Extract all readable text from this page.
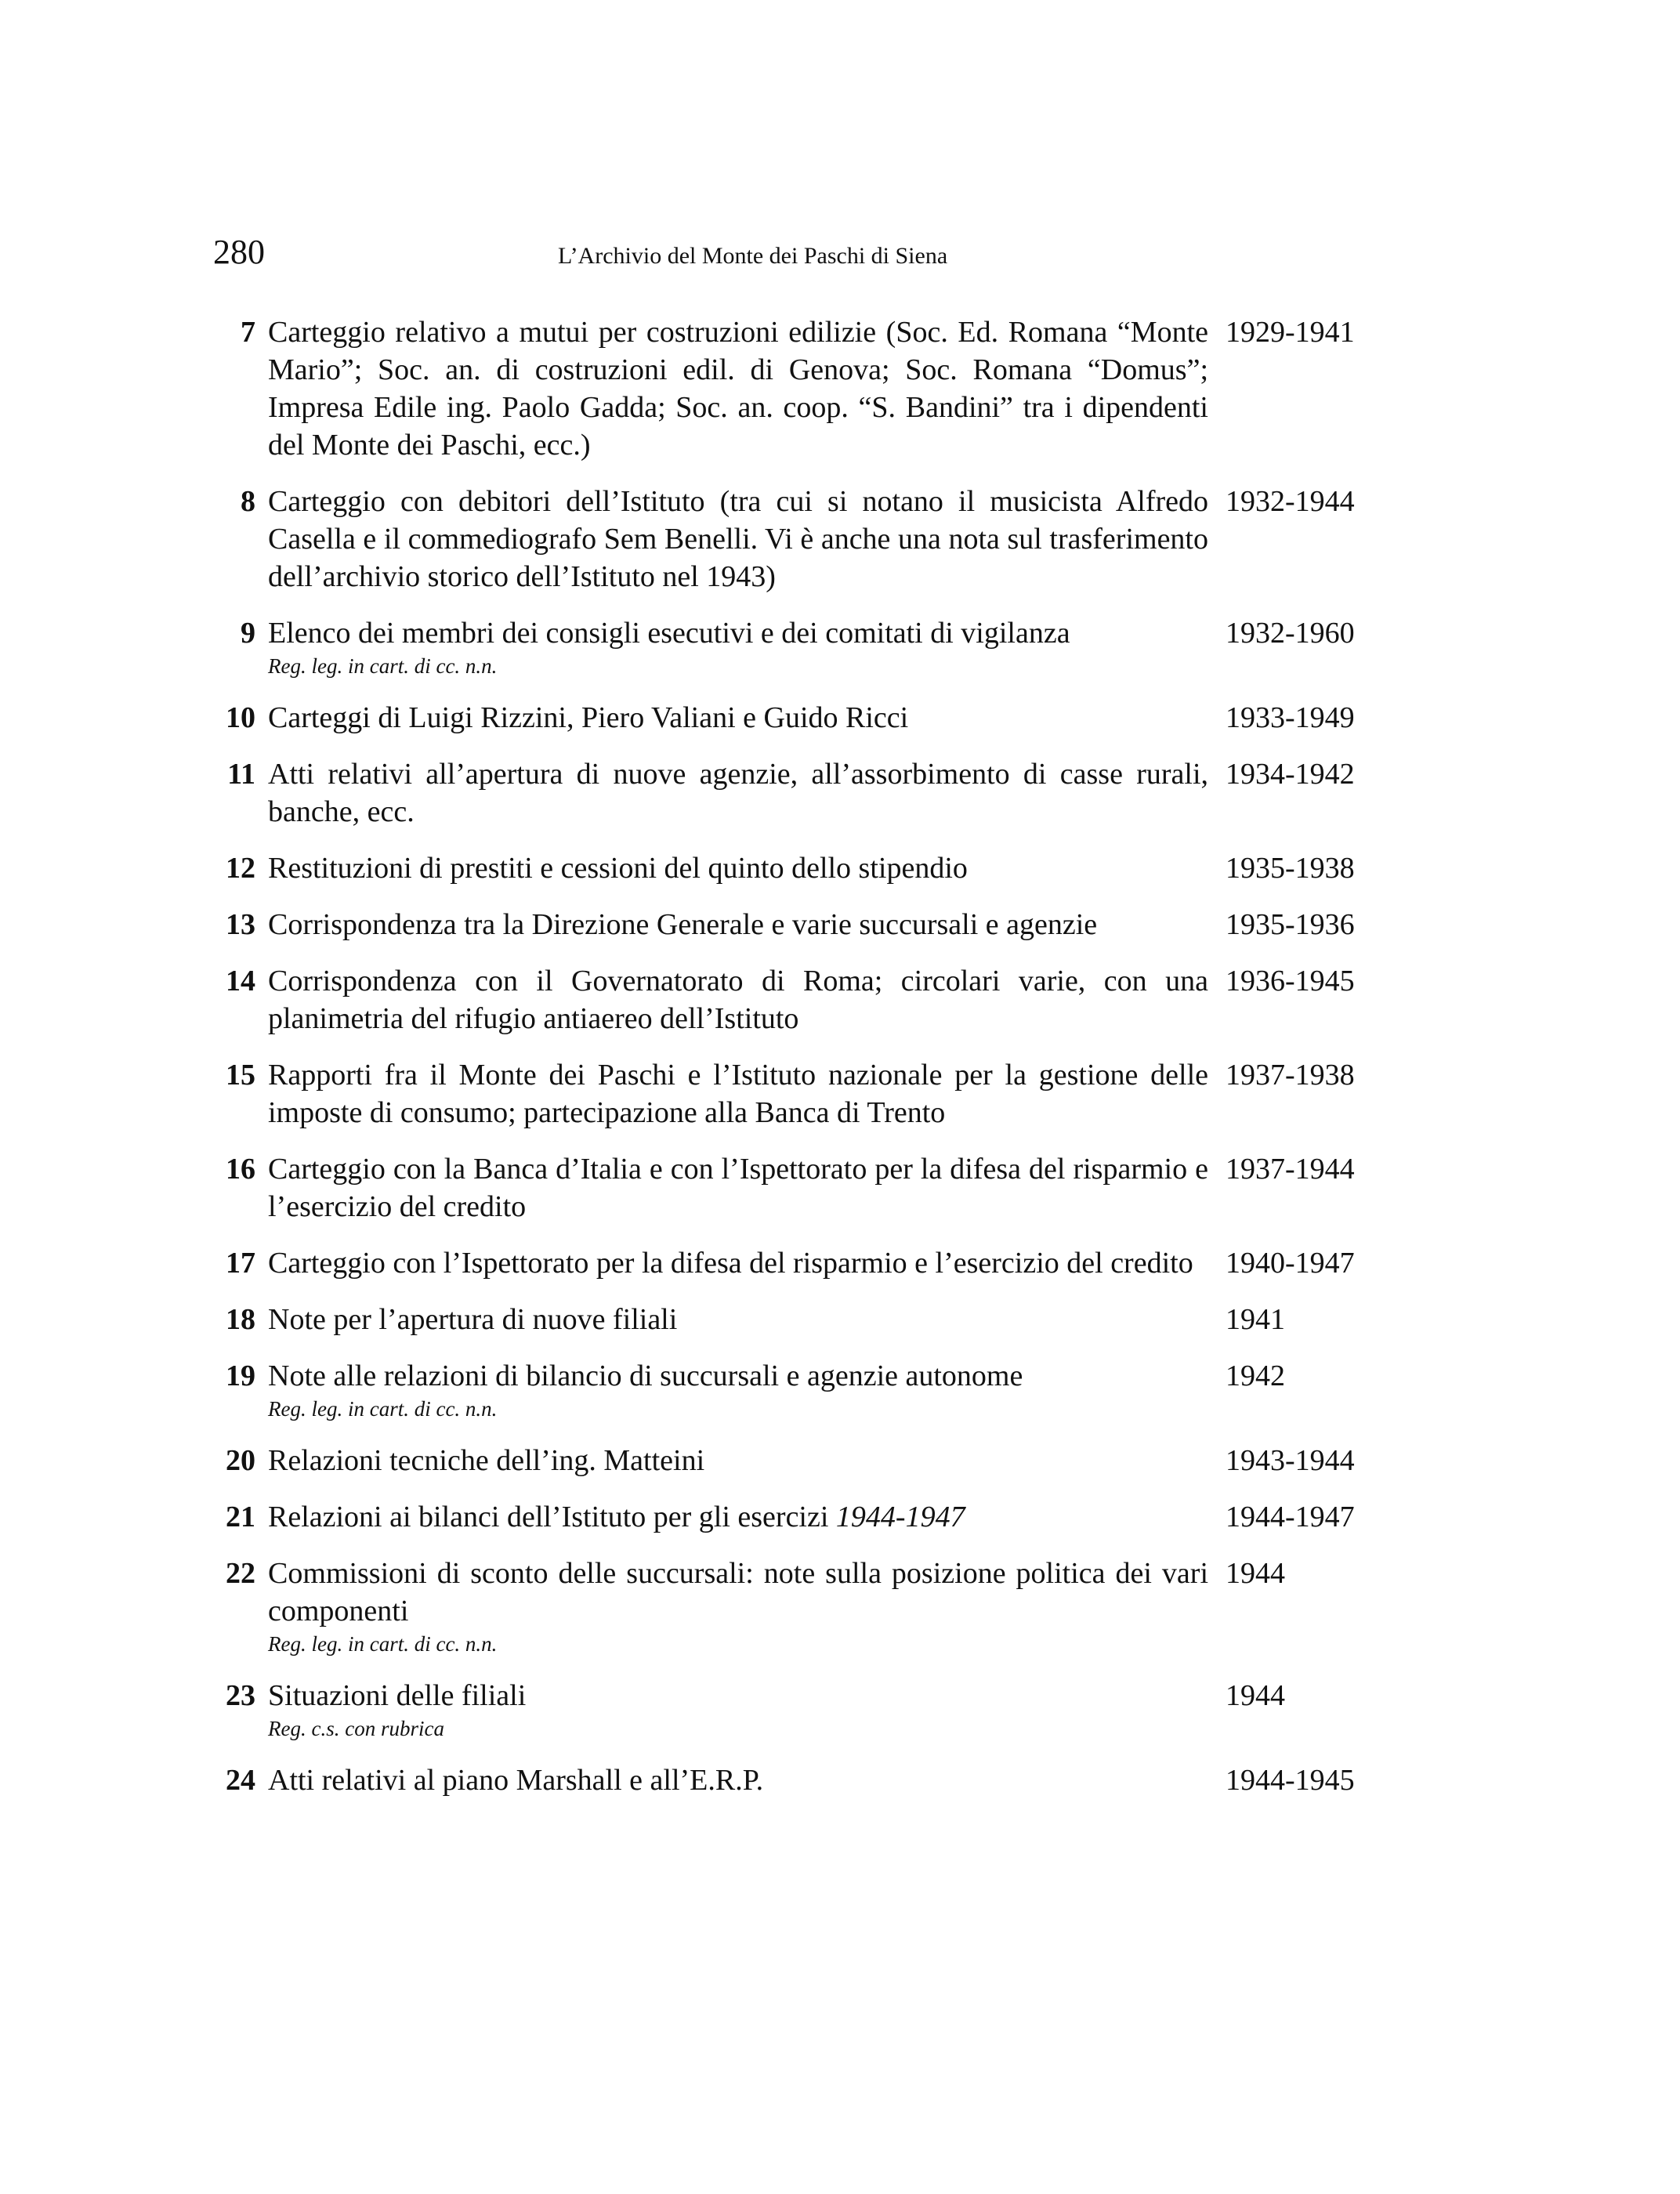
280	L’Archivio del Monte dei Paschi di Siena
7 Carteggio relativo a mutui per costruzioni edilizie (Soc. Ed. Romana “Monte Mario”; Soc. an. di costruzioni edil. di Genova; Soc. Romana “Domus”; Impresa Edile ing. Paolo Gadda; Soc. an. coop. “S. Bandini” tra i dipendenti del Monte dei Paschi, ecc.)
1929-1941
8 Carteggio con debitori dell’Istituto (tra cui si notano il musicista Alfredo Casella e il commediografo Sem Benelli. Vi è anche una nota sul trasferimento dell’archivio storico dell’Istituto nel 1943)
1932-1944
9 Elenco dei membri dei consigli esecutivi e dei comitati di vigilanza
Reg. leg. in cart. di cc. n.n.
1932-1960
10 Carteggi di Luigi Rizzini, Piero Valiani e Guido Ricci	1933-1949
11 Atti relativi all’apertura di nuove agenzie, all’assorbimento di casse rurali, banche, ecc.
1934-1942
12 Restituzioni di prestiti e cessioni del quinto dello stipendio	1935-1938
13 Corrispondenza tra la Direzione Generale e varie succursali e agenzie	1935-1936
14 Corrispondenza con il Governatorato di Roma; circolari varie, con una planimetria del rifugio antiaereo dell’Istituto
1936-1945
15 Rapporti fra il Monte dei Paschi e l’Istituto nazionale per la gestione delle imposte di consumo; partecipazione alla Banca di Trento
1937-1938
16 Carteggio con la Banca d’Italia e con l’Ispettorato per la difesa del risparmio e l’esercizio del credito
1937-1944
17 Carteggio con l’Ispettorato per la difesa del risparmio e l’esercizio del credito	1940-1947
18 Note per l’apertura di nuove filiali	1941
19 Note alle relazioni di bilancio di succursali e agenzie autonome
Reg. leg. in cart. di cc. n.n.
1942
20 Relazioni tecniche dell’ing. Matteini	1943-1944
21 Relazioni ai bilanci dell’Istituto per gli esercizi 1944-1947	1944-1947
22 Commissioni di sconto delle succursali: note sulla posizione politica dei vari componenti
Reg. leg. in cart. di cc. n.n.
1944
23 Situazioni delle filiali
Reg. c.s. con rubrica
1944
24 Atti relativi al piano Marshall e all’E.R.P.	1944-1945
